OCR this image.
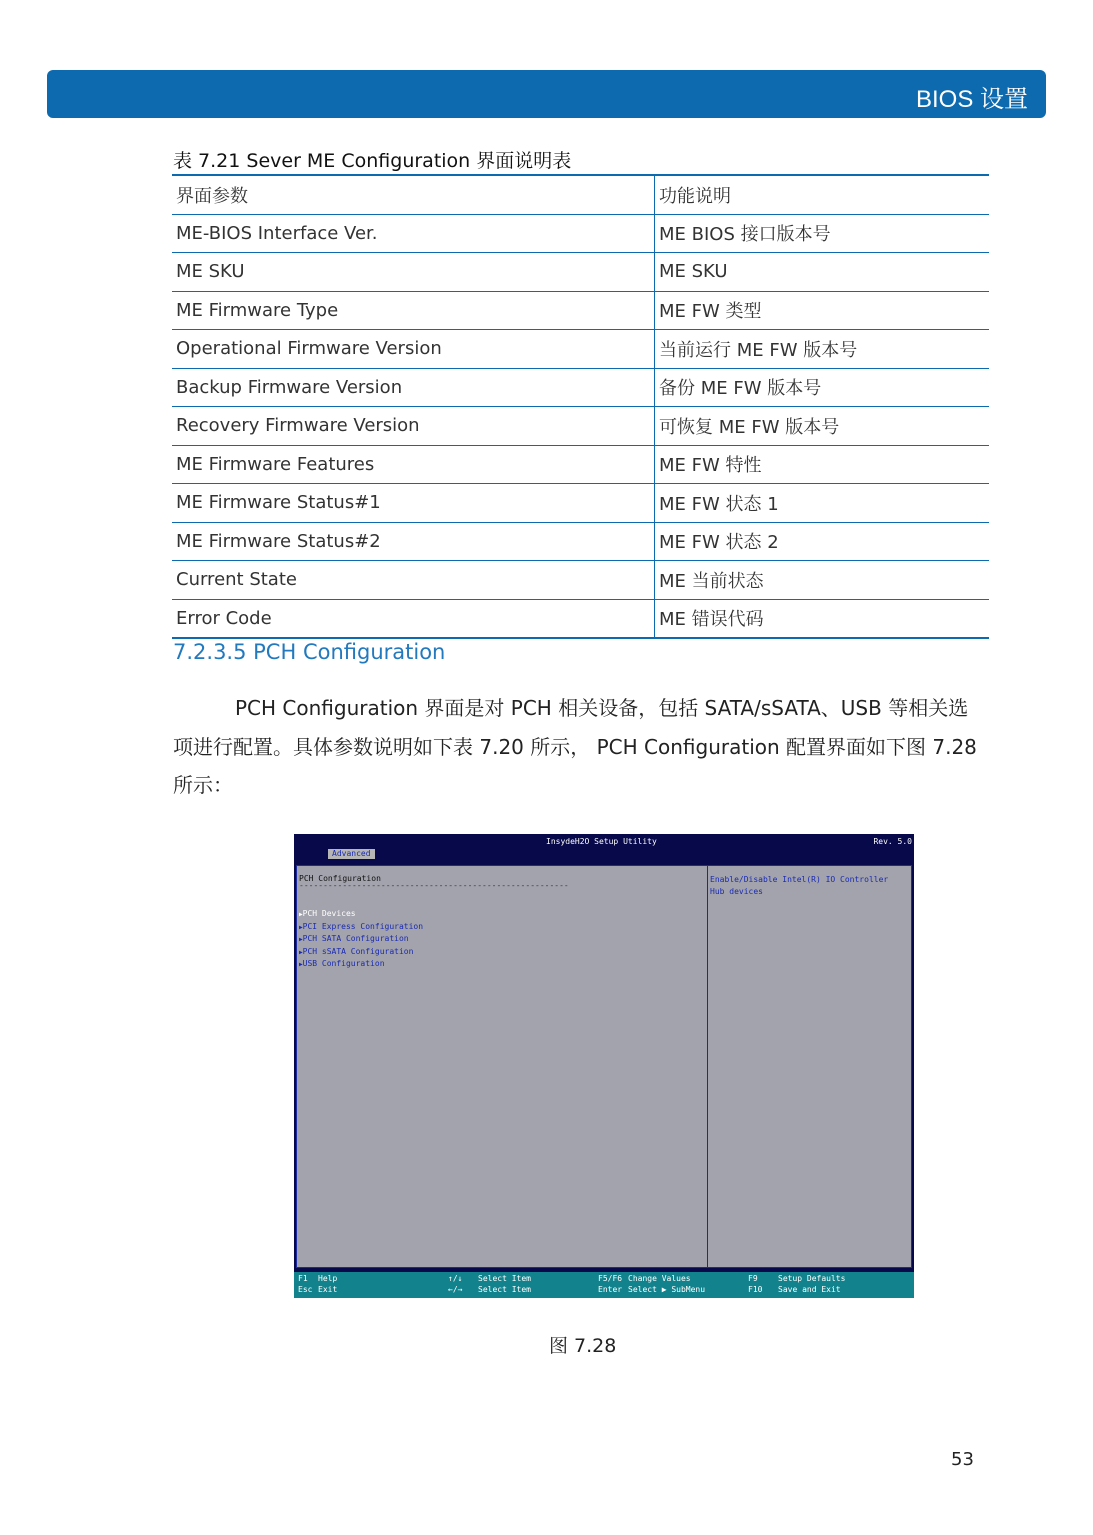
BIOS 设置
表 7.21 Sever ME Configuration 界面说明表
界面参数	功能说明
ME-BIOS Interface Ver.	ME BIOS 接口版本号
ME SKU	ME SKU
ME Firmware Type	ME FW 类型
Operational Firmware Version	当前运行 ME FW 版本号
Backup Firmware Version	备份 ME FW 版本号
Recovery Firmware Version	可恢复 ME FW 版本号
ME Firmware Features	ME FW 特性
ME Firmware Status#1	ME FW 状态 1
ME Firmware Status#2	ME FW 状态 2
Current State	ME 当前状态
Error Code	ME 错误代码
7.2.3.5 PCH Configuration
PCH Configuration 界面是对 PCH 相关设备，包括 SATA/sSATA、USB 等相关选项进行配置。具体参数说明如下表 7.20 所示， PCH Configuration 配置界面如下图 7.28 所示：
InsydeH2O Setup Utility	Rev. 5.0
Advanced
PCH Configuration
--------------------------------------------------------
▶PCH Devices
▶PCI Express Configuration
▶PCH SATA Configuration
▶PCH sSATA Configuration
▶USB Configuration
Enable/Disable Intel(R) IO Controller Hub devices
F1 Help
Esc Exit
↑/↓ Select Item
←/→ Select Item
F5/F6 Change Values
Enter Select ▶ SubMenu
F9	Setup Defaults
F10 Save and Exit
图 7.28
53
